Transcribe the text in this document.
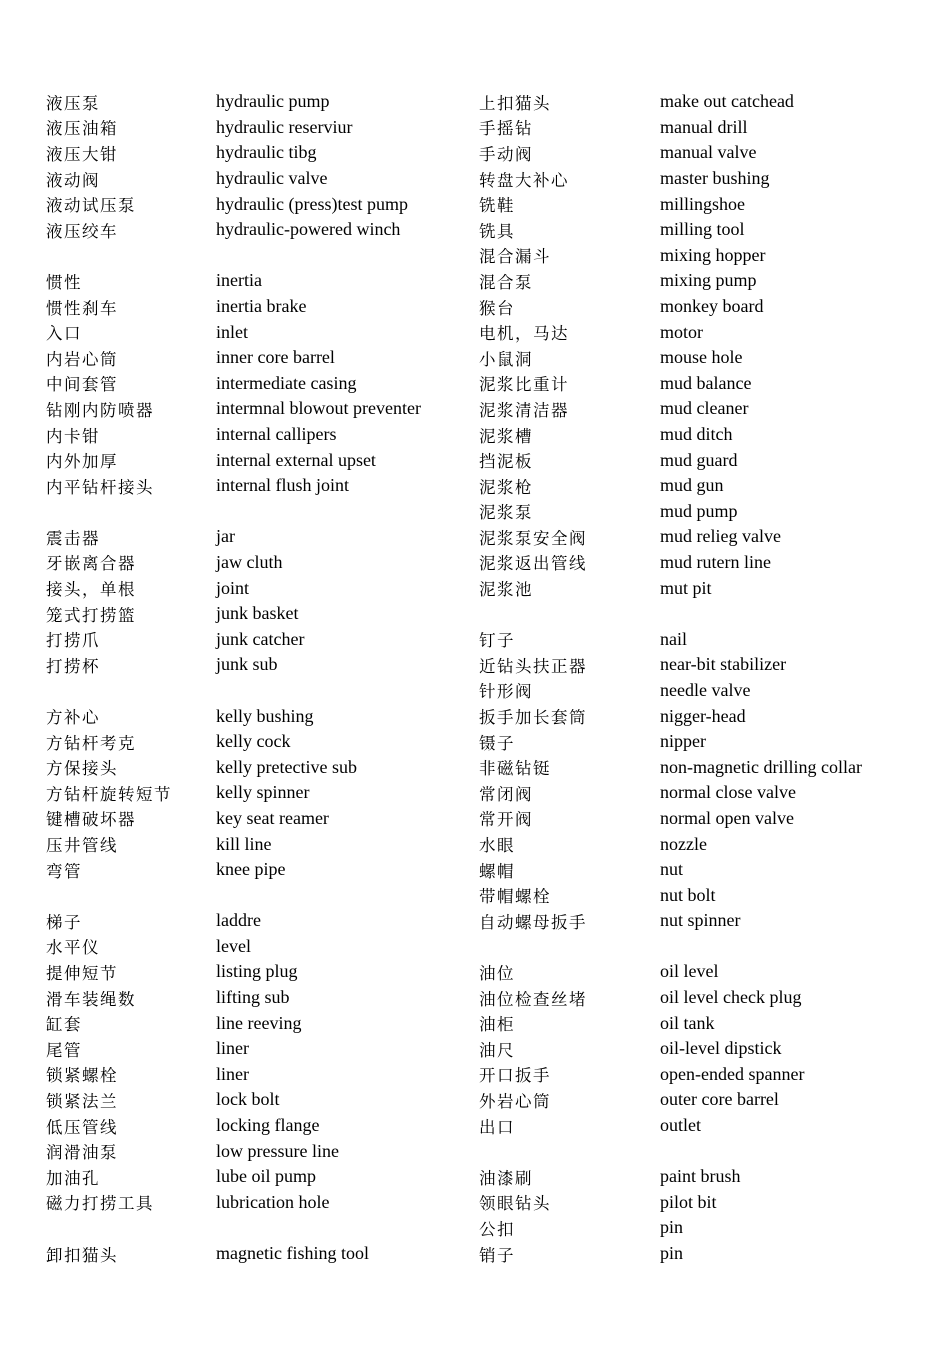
液压泵	hydraulic pump
液压油箱	hydraulic reserviur
液压大钳	hydraulic tibg
液动阀	hydraulic valve
液动试压泵	hydraulic (press)test pump
液压绞车	hydraulic-powered winch
惯性	inertia
惯性刹车	inertia brake
入口	inlet
内岩心筒	inner core barrel
中间套管	intermediate casing
钻刚内防喷器	intermnal blowout preventer
内卡钳	internal callipers
内外加厚	internal external upset
内平钻杆接头	internal flush joint
震击器	jar
牙嵌离合器	jaw cluth
接头，单根	joint
笼式打捞篮	junk basket
打捞爪	junk catcher
打捞杯	junk sub
方补心	kelly bushing
方钻杆考克	kelly cock
方保接头	kelly pretective sub
方钻杆旋转短节	kelly spinner
键槽破坏器	key seat reamer
压井管线	kill line
弯管	knee pipe
梯子	laddre
水平仪	level
提伸短节	listing plug
滑车装绳数	lifting sub
缸套	line reeving
尾管	liner
锁紧螺栓	liner
锁紧法兰	lock bolt
低压管线	locking flange
润滑油泵	low pressure line
加油孔	lube oil pump
磁力打捞工具	lubrication hole
卸扣猫头	magnetic fishing tool
上扣猫头	make out catchead
手摇钻	manual drill
手动阀	manual valve
转盘大补心	master bushing
铣鞋	millingshoe
铣具	milling tool
混合漏斗	mixing hopper
混合泵	mixing pump
猴台	monkey board
电机，马达	motor
小鼠洞	mouse hole
泥浆比重计	mud balance
泥浆清洁器	mud cleaner
泥浆槽	mud ditch
挡泥板	mud guard
泥浆枪	mud gun
泥浆泵	mud pump
泥浆泵安全阀	mud relieg valve
泥浆返出管线	mud rutern line
泥浆池	mut pit
钉子	nail
近钻头扶正器	near-bit stabilizer
针形阀	needle valve
扳手加长套筒	nigger-head
镊子	nipper
非磁钻铤	non-magnetic drilling collar
常闭阀	normal close valve
常开阀	normal open valve
水眼	nozzle
螺帽	nut
带帽螺栓	nut bolt
自动螺母扳手	nut spinner
油位	oil level
油位检查丝堵	oil level check plug
油柜	oil tank
油尺	oil-level dipstick
开口扳手	open-ended spanner
外岩心筒	outer core barrel
出口	outlet
油漆刷	paint brush
领眼钻头	pilot bit
公扣	pin
销子	pin
